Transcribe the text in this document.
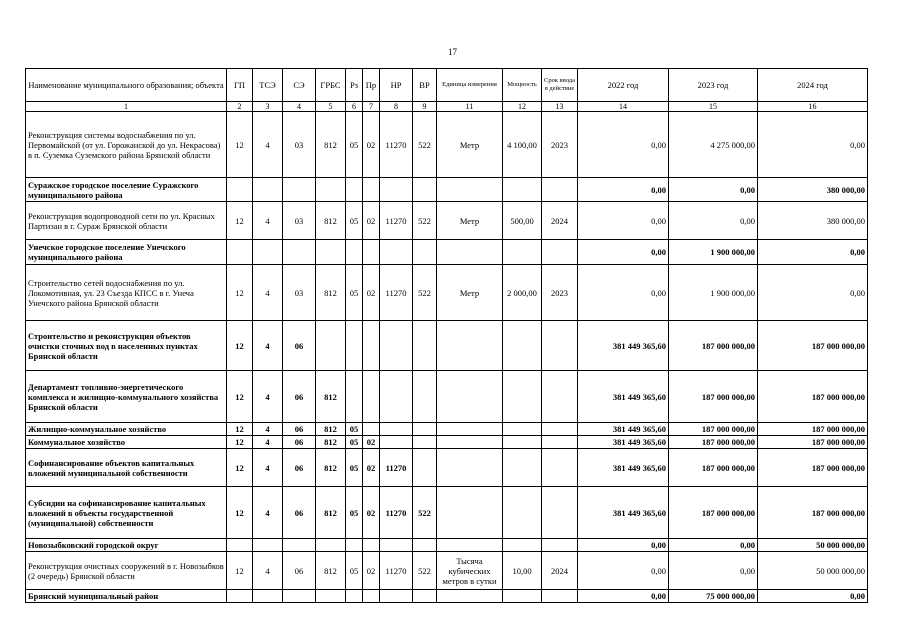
17
Наименование муниципального образования; объекта	ГП	ТСЭ	СЭ	ГРБС	Рз	Пр	НР	ВР	Единица измерения	Мощность	Срок ввода в действие	2022 год	2023 год	2024 год
1	2	3	4	5	6	7	8	9	11	12	13	14	15	16
Реконструкция системы водоснабжения по ул. Первомайской (от ул. Горожанской до ул. Некрасова) в п. Суземка Суземского района Брянской области	12	4	03	812	05	02	11270	522	Метр	4 100,00	2023	0,00	4 275 000,00	0,00
Суражское городское поселение Суражского муниципального района												0,00	0,00	380 000,00
Реконструкция водопроводной сети по ул. Красных Партизан в г. Сураж Брянской области	12	4	03	812	05	02	11270	522	Метр	500,00	2024	0,00	0,00	380 000,00
Унечское городское поселение Унечского муниципального района												0,00	1 900 000,00	0,00
Строительство сетей водоснабжения по ул. Локомотивная, ул. 23 Съезда КПСС в г. Унеча Унечского района Брянской области	12	4	03	812	05	02	11270	522	Метр	2 000,00	2023	0,00	1 900 000,00	0,00
Строительство и реконструкция объектов очистки сточных вод в населенных пунктах Брянской области	12	4	06									381 449 365,60	187 000 000,00	187 000 000,00
Департамент топливно-энергетического комплекса и жилищно-коммунального хозяйства Брянской области	12	4	06	812								381 449 365,60	187 000 000,00	187 000 000,00
Жилищно-коммунальное хозяйство	12	4	06	812	05							381 449 365,60	187 000 000,00	187 000 000,00
Коммунальное хозяйство	12	4	06	812	05	02						381 449 365,60	187 000 000,00	187 000 000,00
Софинансирование объектов капитальных вложений муниципальной собственности	12	4	06	812	05	02	11270					381 449 365,60	187 000 000,00	187 000 000,00
Субсидии на софинансирование капитальных вложений в объекты государственной (муниципальной) собственности	12	4	06	812	05	02	11270	522				381 449 365,60	187 000 000,00	187 000 000,00
Новозыбковский городской округ												0,00	0,00	50 000 000,00
Реконструкция очистных сооружений в г. Новозыбков (2 очередь) Брянской области	12	4	06	812	05	02	11270	522	Тысяча кубических метров в сутки	10,00	2024	0,00	0,00	50 000 000,00
Брянский муниципальный район												0,00	75 000 000,00	0,00
